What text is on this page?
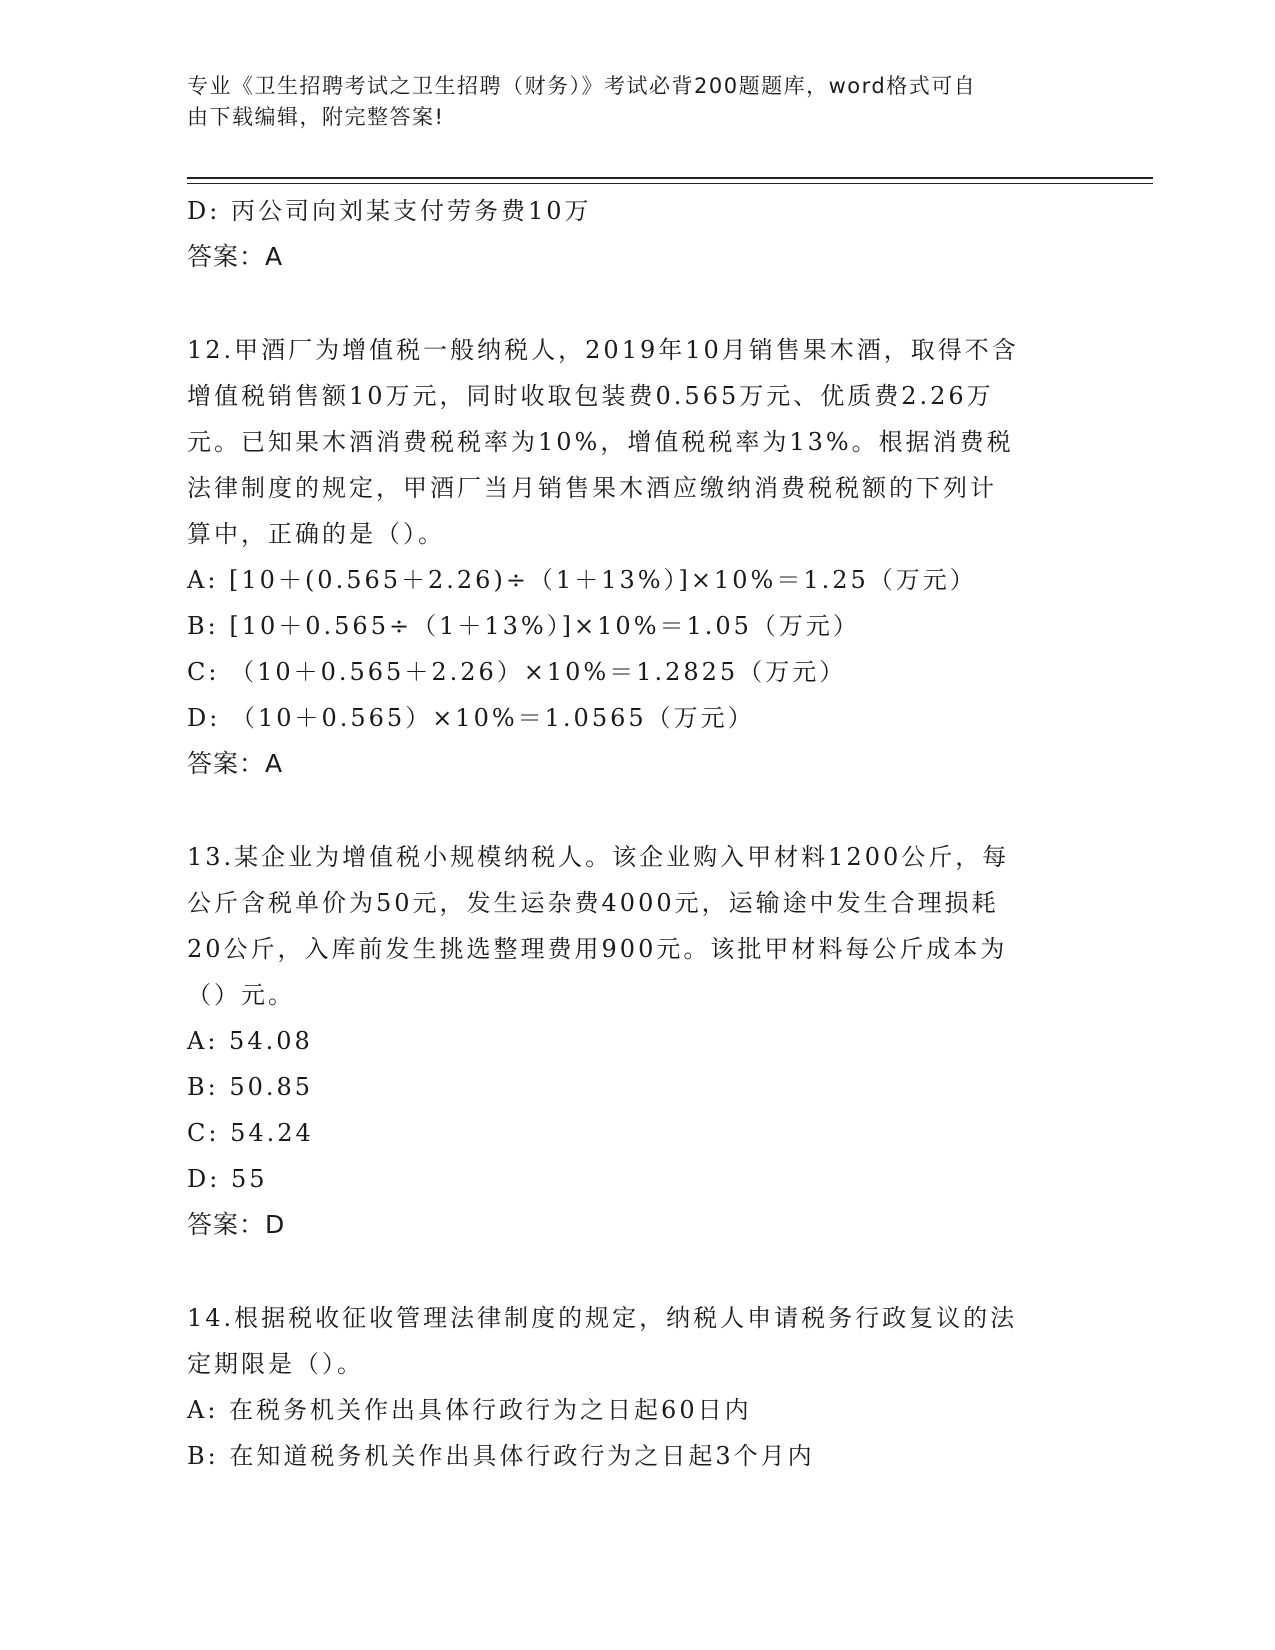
专业《卫生招聘考试之卫生招聘（财务）》考试必背200题题库，word格式可自
由下载编辑，附完整答案!
D: 丙公司向刘某支付劳务费10万
答案：A
12.甲酒厂为增值税一般纳税人，2019年10月销售果木酒，取得不含
增值税销售额10万元，同时收取包装费0.565万元、优质费2.26万
元。已知果木酒消费税税率为10%，增值税税率为13%。根据消费税
法律制度的规定，甲酒厂当月销售果木酒应缴纳消费税税额的下列计
算中，正确的是（）。
A: [10＋(0.565＋2.26)÷（1＋13%）]×10%＝1.25（万元）
B: [10＋0.565÷（1＋13%）]×10%＝1.05（万元）
C: （10＋0.565＋2.26）×10%＝1.2825（万元）
D: （10＋0.565）×10%＝1.0565（万元）
答案：A
13.某企业为增值税小规模纳税人。该企业购入甲材料1200公斤，每
公斤含税单价为50元，发生运杂费4000元，运输途中发生合理损耗
20公斤，入库前发生挑选整理费用900元。该批甲材料每公斤成本为
（）元。
A: 54.08
B: 50.85
C: 54.24
D: 55
答案：D
14.根据税收征收管理法律制度的规定，纳税人申请税务行政复议的法
定期限是（）。
A: 在税务机关作出具体行政行为之日起60日内
B: 在知道税务机关作出具体行政行为之日起3个月内
